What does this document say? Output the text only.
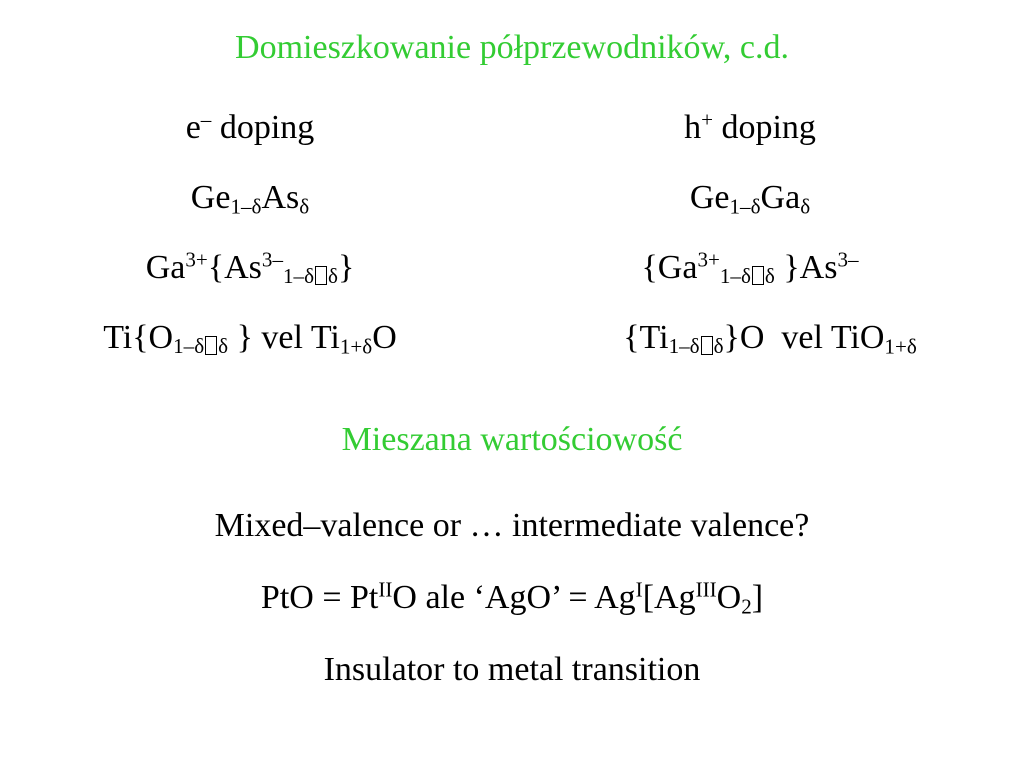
Domieszkowanie półprzewodników, c.d.
e– doping
$Ge_{1-\delta}As_\delta$
$Ga^{3+}\{As^{3-}_{1-\delta \delta}\}$
$Ti\{O_{1-\delta \delta}$ } vel $Ti_{1+\delta}O$
h+ doping
$Ge_{1-\delta}Ga_\delta$
{$Ga^{3+}_{1-\delta \delta}$ }$As^{3-}$
$\{Ti_{1-\delta \delta}\}O$  vel TiO$_{1+\delta}$
Mieszana wartościowość
Mixed–valence or … intermediate valence?
PtO = $Pt^{II}O$ ale ‘AgO’ = $Ag^I[Ag^{III}O_2]$
Insulator to metal transition
